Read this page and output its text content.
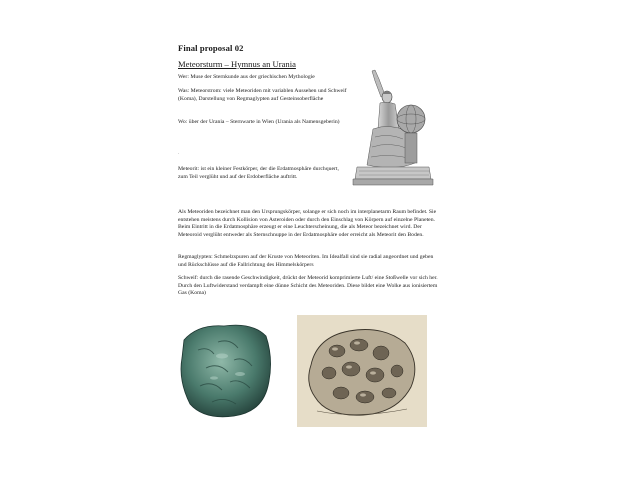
Final proposal 02
Meteorsturm – Hymnus an Urania

Wer: Muse der Sternkunde aus der griechischen Mythologie

Was: Meteorstrom: viele Meteoriden mit variablen Aussehen und Schweif (Koma), Darstellung von Regmaglypten auf Gesteinsoberfläche

Wo: über der Urania – Sternwarte in Wien (Urania als Namensgeberin)

.

Meteorit: ist ein kleiner Festkörper, der die Erdatmosphäre durchquert, zum Teil verglüht und auf der Erdoberfläche auftritt.

Als Meteoriden bezeichnet man den Ursprungskörper, solange er sich noch im interplanetarm Raum befindet. Sie entstehen meistens durch Kollision von Asteroiden oder durch den Einschlag von Körpern auf einzelne Planeten. Beim Eintritt in die Erdatmosphäre erzeugt er eine Leuchterscheinung, die als Meteor bezeichnet wird. Der Meteoroid verglüht entweder als Sternschnuppe in der Erdatmosphäre oder erreicht als Meteorit den Boden.

Regmaglypten: Schmelzspuren auf der Kruste von Meteoriten. Im Idealfall sind sie radial angeordnet und geben und Rückschlüsse auf die Fallrichtung des Himmelskörpers

Schweif: durch die rasende Geschwindigkeit, drückt der Meteorid komprimierte Luft/ eine Stoßwelle vor sich her. Durch den Luftwiderstand verdampft eine dünne Schicht des Meteoriden. Diese bildet eine Wolke aus ionisiertem Gas (Koma)
